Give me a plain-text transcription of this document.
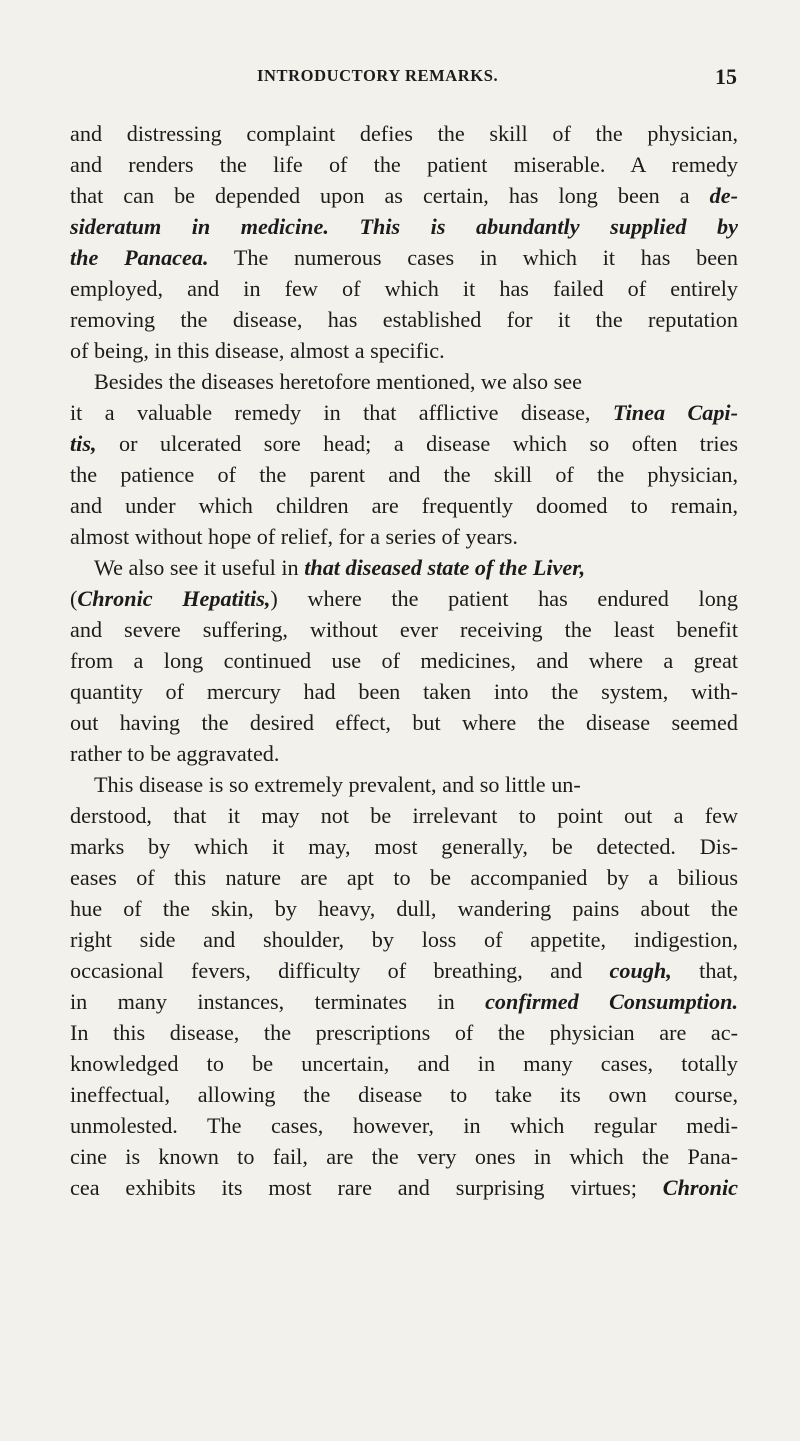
INTRODUCTORY REMARKS.	15
and distressing complaint defies the skill of the physician,
and renders the life of the patient miserable. A remedy
that can be depended upon as certain, has long been a de-
sideratum in medicine. This is abundantly supplied by
the Panacea. The numerous cases in which it has been
employed, and in few of which it has failed of entirely
removing the disease, has established for it the reputation
of being, in this disease, almost a specific.
Besides the diseases heretofore mentioned, we also see
it a valuable remedy in that afflictive disease, Tinea Capi-
tis, or ulcerated sore head; a disease which so often tries
the patience of the parent and the skill of the physician,
and under which children are frequently doomed to remain,
almost without hope of relief, for a series of years.
We also see it useful in that diseased state of the Liver,
(Chronic Hepatitis,) where the patient has endured long
and severe suffering, without ever receiving the least benefit
from a long continued use of medicines, and where a great
quantity of mercury had been taken into the system, with-
out having the desired effect, but where the disease seemed
rather to be aggravated.
This disease is so extremely prevalent, and so little un-
derstood, that it may not be irrelevant to point out a few
marks by which it may, most generally, be detected. Dis-
eases of this nature are apt to be accompanied by a bilious
hue of the skin, by heavy, dull, wandering pains about the
right side and shoulder, by loss of appetite, indigestion,
occasional fevers, difficulty of breathing, and cough, that,
in many instances, terminates in confirmed Consumption.
In this disease, the prescriptions of the physician are ac-
knowledged to be uncertain, and in many cases, totally
ineffectual, allowing the disease to take its own course,
unmolested. The cases, however, in which regular medi-
cine is known to fail, are the very ones in which the Pana-
cea exhibits its most rare and surprising virtues; Chronic
